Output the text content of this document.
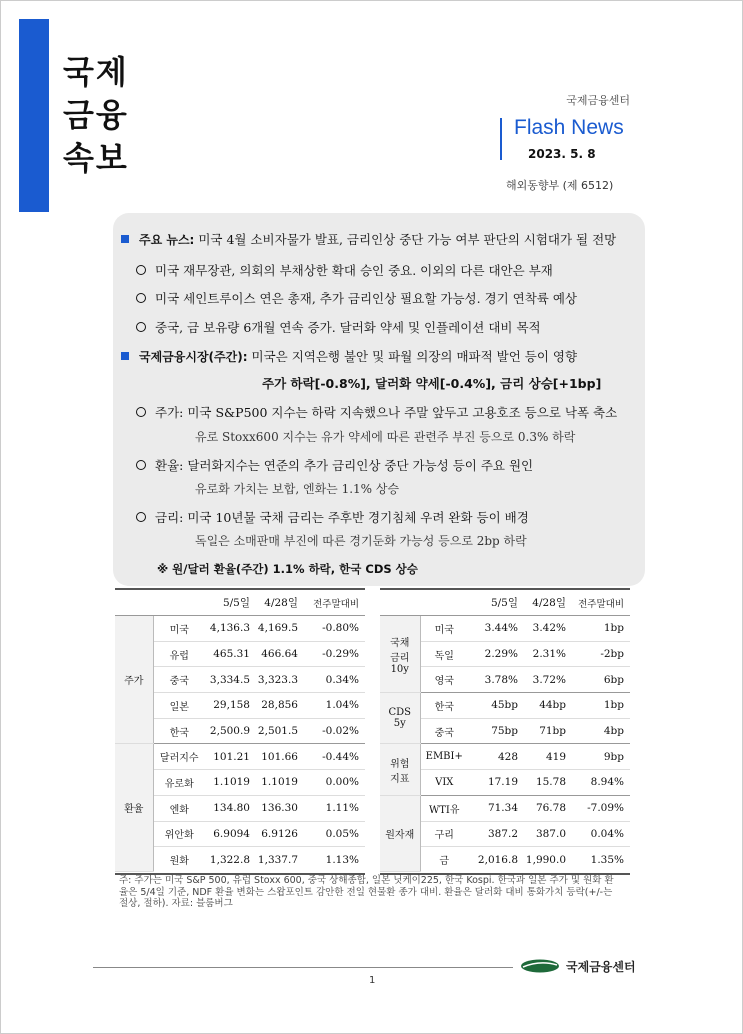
국제
금융
속보
국제금융센터
Flash News
2023. 5. 8
해외동향부 (제 6512)
주요 뉴스: 미국 4월 소비자물가 발표, 금리인상 중단 가능 여부 판단의 시험대가 될 전망
미국 재무장관, 의회의 부채상한 확대 승인 중요. 이외의 다른 대안은 부재
미국 세인트루이스 연은 총재, 추가 금리인상 필요할 가능성. 경기 연착륙 예상
중국, 금 보유량 6개월 연속 증가. 달러화 약세 및 인플레이션 대비 목적
국제금융시장(주간): 미국은 지역은행 불안 및 파월 의장의 매파적 발언 등이 영향
주가 하락[-0.8%], 달러화 약세[-0.4%], 금리 상승[+1bp]
주가: 미국 S&P500 지수는 하락 지속했으나 주말 앞두고 고용호조 등으로 낙폭 축소
유로 Stoxx600 지수는 유가 약세에 따른 관련주 부진 등으로 0.3% 하락
환율: 달러화지수는 연준의 추가 금리인상 중단 가능성 등이 주요 원인
유로화 가치는 보합, 엔화는 1.1% 상승
금리: 미국 10년물 국채 금리는 주후반 경기침체 우려 완화 등이 배경
독일은 소매판매 부진에 따른 경기둔화 가능성 등으로 2bp 하락
※ 원/달러 환율(주간) 1.1% 하락, 한국 CDS 상승
		5/5일	4/28일	전주말대비
주가	미국	4,136.3	4,169.5	-0.80%
	유럽	465.31	466.64	-0.29%
	중국	3,334.5	3,323.3	0.34%
	일본	29,158	28,856	1.04%
	한국	2,500.9	2,501.5	-0.02%
환율	달러지수	101.21	101.66	-0.44%
	유로화	1.1019	1.1019	0.00%
	엔화	134.80	136.30	1.11%
	위안화	6.9094	6.9126	0.05%
	원화	1,322.8	1,337.7	1.13%
		5/5일	4/28일	전주말대비
국채
금리
10y	미국	3.44%	3.42%	1bp
	독일	2.29%	2.31%	-2bp
	영국	3.78%	3.72%	6bp
CDS
5y	한국	45bp	44bp	1bp
	중국	75bp	71bp	4bp
위험
지표	EMBI+	428	419	9bp
	VIX	17.19	15.78	8.94%
원자재	WTI유	71.34	76.78	-7.09%
	구리	387.2	387.0	0.04%
	금	2,016.8	1,990.0	1.35%
주: 주가는 미국 S&P 500, 유럽 Stoxx 600, 중국 상해종합, 일본 닛케이225, 한국 Kospi. 한국과 일본 주가 및 원화 환율은 5/4일 기준, NDF 환율 변화는 스왑포인트 감안한 전일 현물환 종가 대비. 환율은 달러화 대비 통화가치 등락(+/-는 절상, 절하). 자료: 블룸버그
1
국제금융센터
